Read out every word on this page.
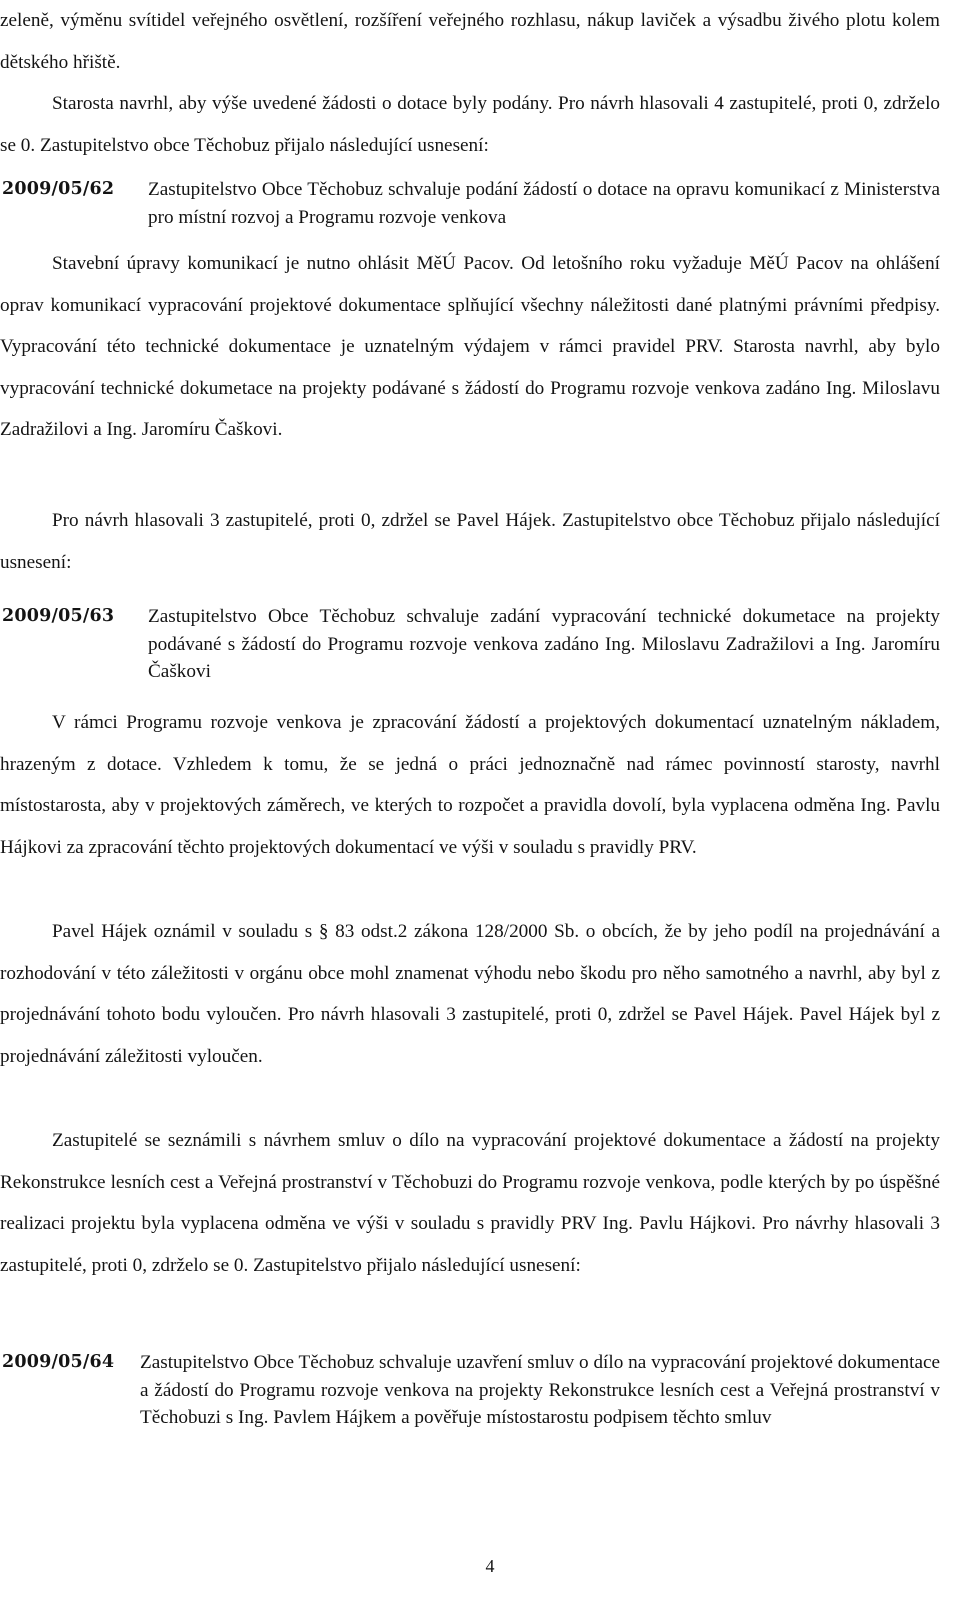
zeleně, výměnu svítidel veřejného osvětlení, rozšíření veřejného rozhlasu, nákup laviček a výsadbu živého plotu kolem dětského hřiště.

Starosta navrhl, aby výše uvedené žádosti o dotace byly podány. Pro návrh hlasovali 4 zastupitelé, proti 0, zdrželo se 0. Zastupitelstvo obce Těchobuz přijalo následující usnesení:

2009/05/62	Zastupitelstvo Obce Těchobuz schvaluje podání žádostí o dotace na opravu komunikací z Ministerstva pro místní rozvoj a Programu rozvoje venkova

Stavební úpravy komunikací je nutno ohlásit MěÚ Pacov. Od letošního roku vyžaduje MěÚ Pacov na ohlášení oprav komunikací vypracování projektové dokumentace splňující všechny náležitosti dané platnými právními předpisy. Vypracování této technické dokumentace je uznatelným výdajem v rámci pravidel PRV. Starosta navrhl, aby bylo vypracování technické dokumetace na projekty podávané s žádostí do Programu rozvoje venkova zadáno Ing. Miloslavu Zadražilovi a Ing. Jaromíru Čaškovi.

Pro návrh hlasovali 3 zastupitelé, proti 0, zdržel se Pavel Hájek. Zastupitelstvo obce Těchobuz přijalo následující usnesení:

2009/05/63	Zastupitelstvo Obce Těchobuz schvaluje zadání vypracování technické dokumetace na projekty podávané s žádostí do Programu rozvoje venkova zadáno Ing. Miloslavu Zadražilovi a Ing. Jaromíru Čaškovi

V rámci Programu rozvoje venkova je zpracování žádostí a projektových dokumentací uznatelným nákladem, hrazeným z dotace. Vzhledem k tomu, že se jedná o práci jednoznačně nad rámec povinností starosty, navrhl místostarosta, aby v projektových záměrech, ve kterých to rozpočet a pravidla dovolí, byla vyplacena odměna Ing. Pavlu Hájkovi za zpracování těchto projektových dokumentací ve výši v souladu s pravidly PRV.

Pavel Hájek oznámil v souladu s § 83 odst.2 zákona 128/2000 Sb. o obcích, že by jeho podíl na projednávání a rozhodování v této záležitosti v orgánu obce mohl znamenat výhodu nebo škodu pro něho samotného a navrhl, aby byl z projednávání tohoto bodu vyloučen. Pro návrh hlasovali 3 zastupitelé, proti 0, zdržel se Pavel Hájek. Pavel Hájek byl z projednávání záležitosti vyloučen.

Zastupitelé se seznámili s návrhem smluv o dílo na vypracování projektové dokumentace a žádostí na projekty Rekonstrukce lesních cest a Veřejná prostranství v Těchobuzi do Programu rozvoje venkova, podle kterých by po úspěšné realizaci projektu byla vyplacena odměna ve výši v souladu s pravidly PRV Ing. Pavlu Hájkovi. Pro návrhy hlasovali 3 zastupitelé, proti 0, zdrželo se 0. Zastupitelstvo přijalo následující usnesení:

2009/05/64	Zastupitelstvo Obce Těchobuz schvaluje uzavření smluv o dílo na vypracování projektové dokumentace a žádostí do Programu rozvoje venkova na projekty Rekonstrukce lesních cest a Veřejná prostranství v Těchobuzi s Ing. Pavlem Hájkem a pověřuje místostarostu podpisem těchto smluv

4
